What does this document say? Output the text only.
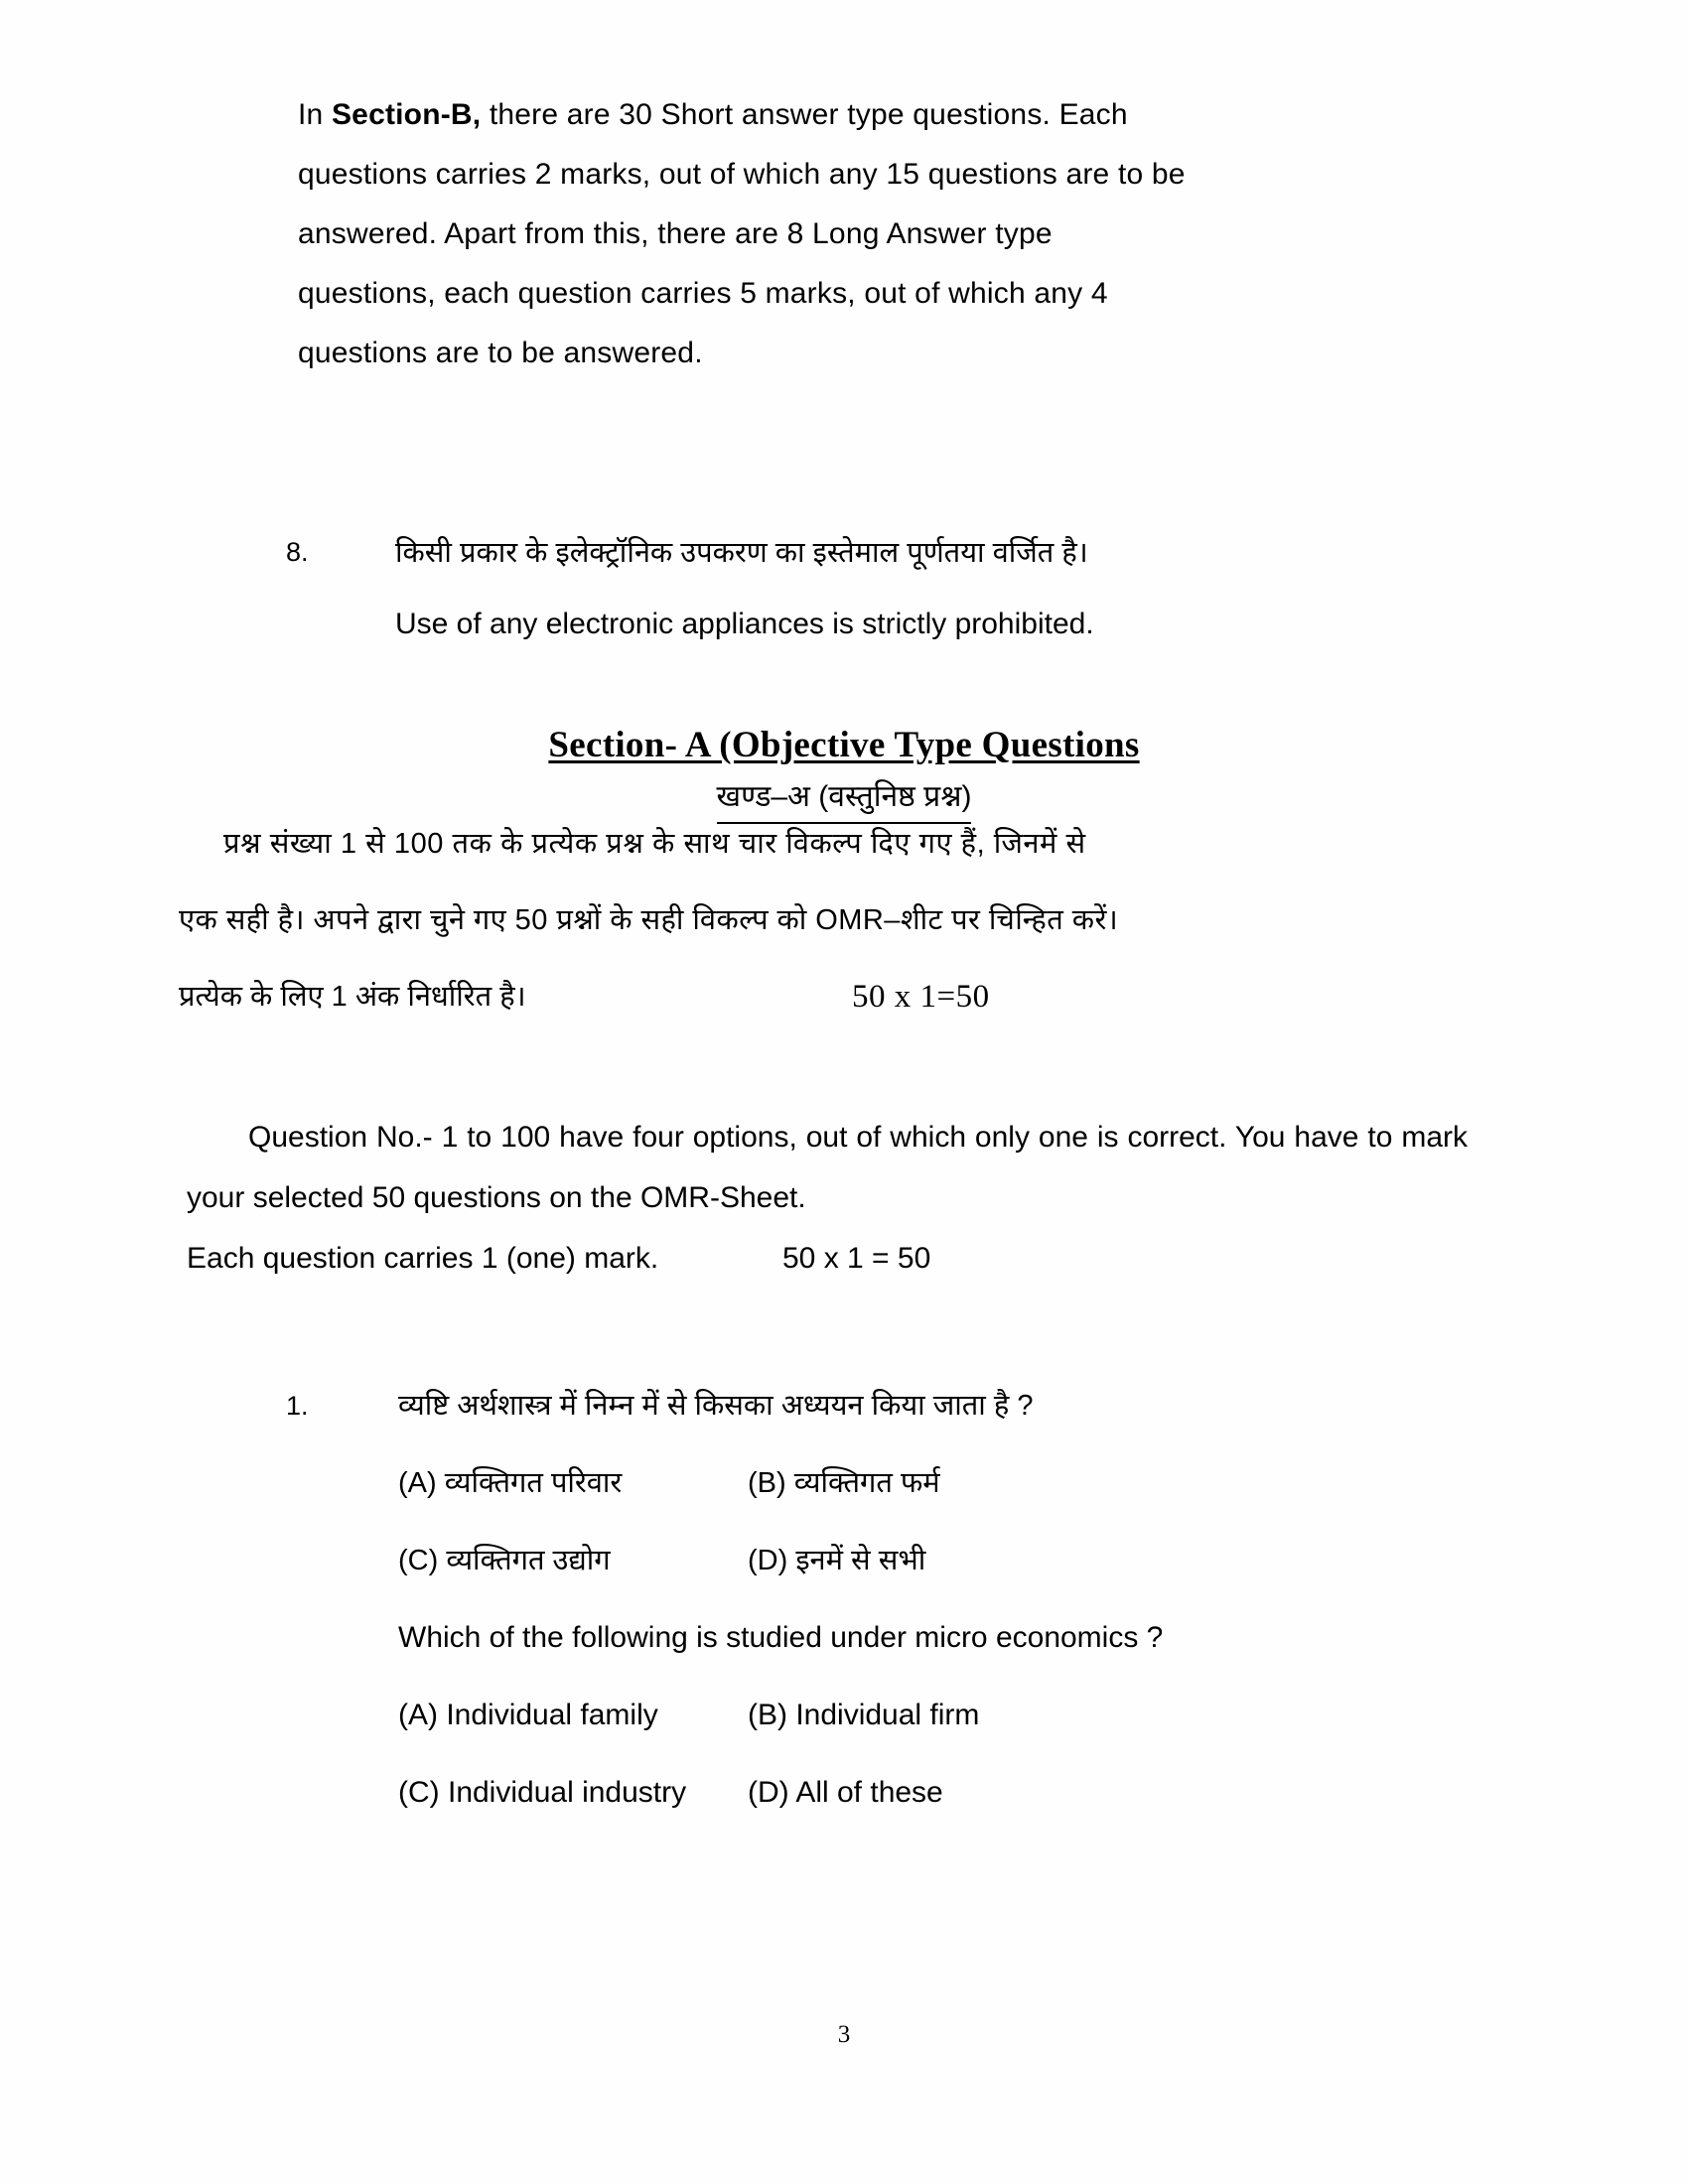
In Section-B, there are 30 Short answer type questions. Each
questions carries 2 marks, out of which any 15 questions are to be
answered. Apart from this, there are 8 Long Answer type
questions, each question carries 5 marks, out of which any 4
questions are to be answered.
8.	किसी प्रकार के इलेक्ट्रॉनिक उपकरण का इस्तेमाल पूर्णतया वर्जित है।
Use of any electronic appliances is strictly prohibited.
Section- A (Objective Type Questions
खण्ड–अ (वस्तुनिष्ठ प्रश्न)
प्रश्न संख्या 1 से 100 तक के प्रत्येक प्रश्न के साथ चार विकल्प दिए गए हैं, जिनमें से
एक सही है। अपने द्वारा चुने गए 50 प्रश्नों के सही विकल्प को OMR–शीट पर चिन्हित करें।
प्रत्येक के लिए 1 अंक निर्धारित है।	50 x 1=50
Question No.- 1 to 100 have four options, out of which only one is correct. You have to mark your selected 50 questions on the OMR-Sheet.
Each question carries 1 (one) mark.	50 x 1 = 50
1.	व्यष्टि अर्थशास्त्र में निम्न में से किसका अध्ययन किया जाता है ?
(A) व्यक्तिगत परिवार	(B) व्यक्तिगत फर्म
(C) व्यक्तिगत उद्योग	(D) इनमें से सभी
Which of the following is studied under micro economics ?
(A) Individual family	(B) Individual firm
(C) Individual industry	(D) All of these
3
